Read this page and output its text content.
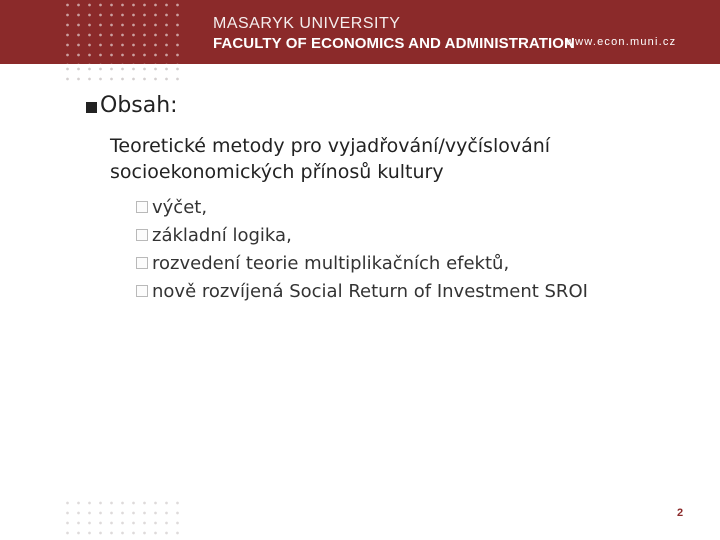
MASARYK UNIVERSITY
FACULTY OF ECONOMICS AND ADMINISTRATION
www.econ.muni.cz
Obsah:
Teoretické metody pro vyjadřování/vyčíslování
socioekonomických přínosů kultury
výčet,
základní logika,
rozvedení teorie multiplikačních efektů,
nově rozvíjená Social Return of Investment SROI
2
